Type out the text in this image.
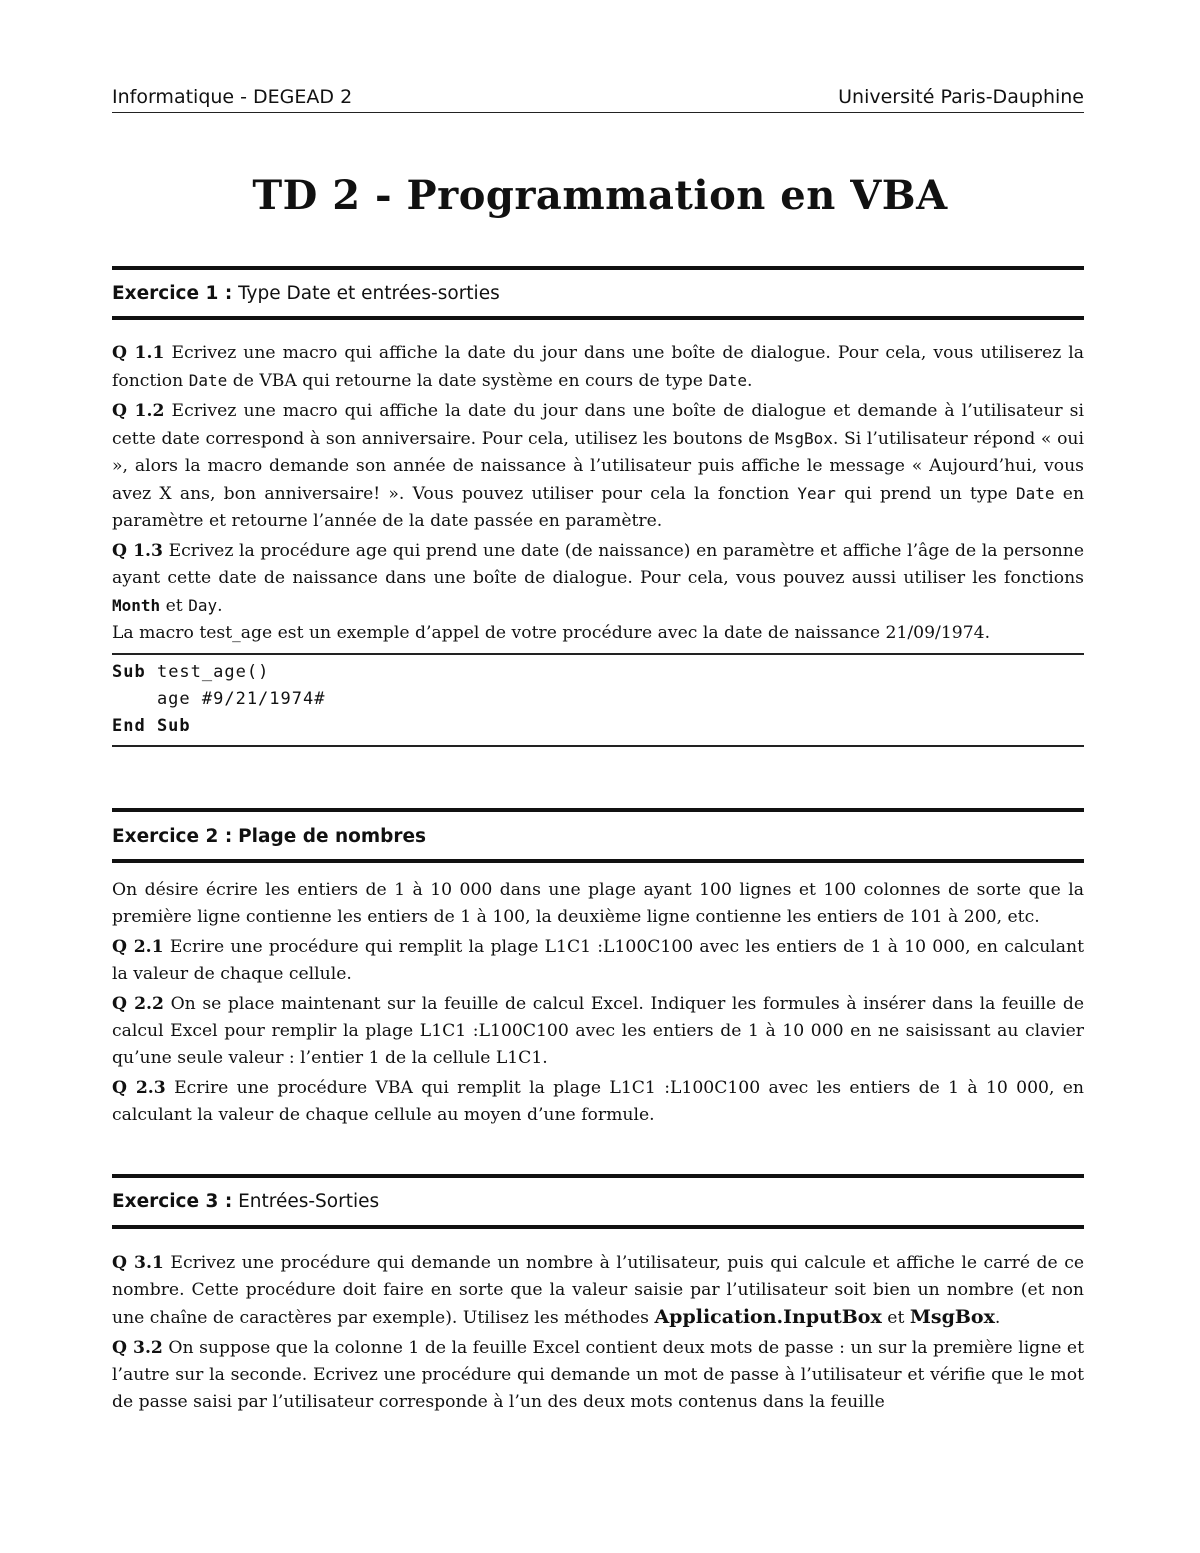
Informatique - DEGEAD 2	Université Paris-Dauphine
TD 2 - Programmation en VBA
Exercice 1 : Type Date et entrées-sorties

Q 1.1 Ecrivez une macro qui affiche la date du jour dans une boîte de dialogue. Pour cela, vous utiliserez la fonction Date de VBA qui retourne la date système en cours de type Date.

Q 1.2 Ecrivez une macro qui affiche la date du jour dans une boîte de dialogue et demande à l’utilisateur si cette date correspond à son anniversaire. Pour cela, utilisez les boutons de MsgBox. Si l’utilisateur répond « oui », alors la macro demande son année de naissance à l’utilisateur puis affiche le message « Aujourd’hui, vous avez X ans, bon anniversaire! ». Vous pouvez utiliser pour cela la fonction Year qui prend un type Date en paramètre et retourne l’année de la date passée en paramètre.

Q 1.3 Ecrivez la procédure age qui prend une date (de naissance) en paramètre et affiche l’âge de la personne ayant cette date de naissance dans une boîte de dialogue. Pour cela, vous pouvez aussi utiliser les fonctions Month et Day.

La macro test_age est un exemple d’appel de votre procédure avec la date de naissance 21/09/1974.

Sub test_age()
age #9/21/1974#
End Sub
Exercice 2 : Plage de nombres

On désire écrire les entiers de 1 à 10 000 dans une plage ayant 100 lignes et 100 colonnes de sorte que la première ligne contienne les entiers de 1 à 100, la deuxième ligne contienne les entiers de 101 à 200, etc.

Q 2.1 Ecrire une procédure qui remplit la plage L1C1 :L100C100 avec les entiers de 1 à 10 000, en calculant la valeur de chaque cellule.

Q 2.2 On se place maintenant sur la feuille de calcul Excel. Indiquer les formules à insérer dans la feuille de calcul Excel pour remplir la plage L1C1 :L100C100 avec les entiers de 1 à 10 000 en ne saisissant au clavier qu’une seule valeur : l’entier 1 de la cellule L1C1.

Q 2.3 Ecrire une procédure VBA qui remplit la plage L1C1 :L100C100 avec les entiers de 1 à 10 000, en calculant la valeur de chaque cellule au moyen d’une formule.

Exercice 3 : Entrées-Sorties

Q 3.1 Ecrivez une procédure qui demande un nombre à l’utilisateur, puis qui calcule et affiche le carré de ce nombre. Cette procédure doit faire en sorte que la valeur saisie par l’utilisateur soit bien un nombre (et non une chaîne de caractères par exemple). Utilisez les méthodes Application.InputBox et MsgBox.

Q 3.2 On suppose que la colonne 1 de la feuille Excel contient deux mots de passe : un sur la première ligne et l’autre sur la seconde. Ecrivez une procédure qui demande un mot de passe à l’utilisateur et vérifie que le mot de passe saisi par l’utilisateur corresponde à l’un des deux mots contenus dans la feuille
